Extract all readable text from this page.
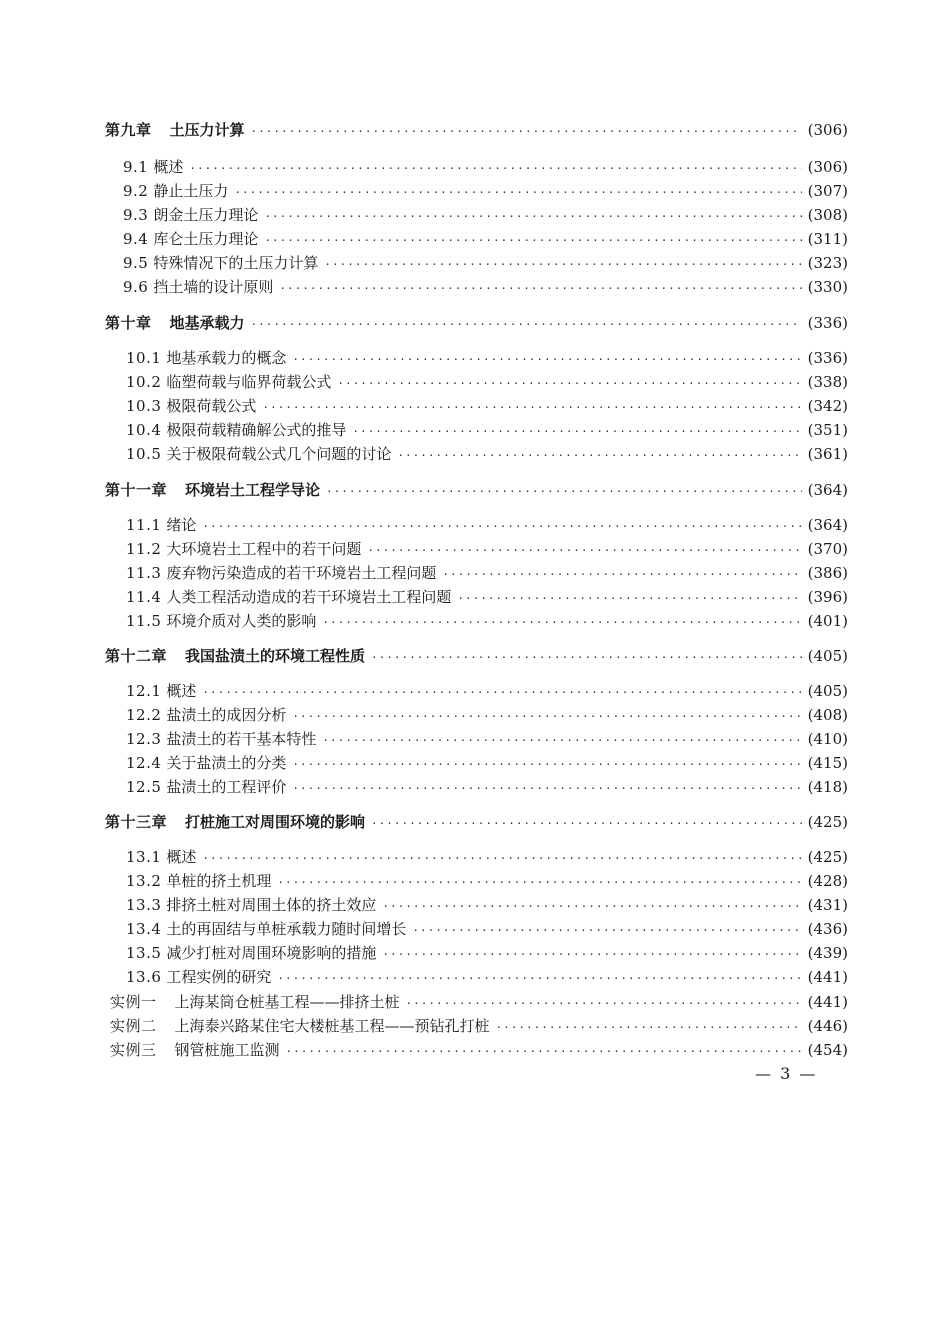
第九章 土压力计算 ·····	(306)
9.1 概述 ·····	(306)
9.2 静止土压力 ·····	(307)
9.3 朗金土压力理论 ·····	(308)
9.4 库仑土压力理论 ·····	(311)
9.5 特殊情况下的土压力计算 ·····	(323)
9.6 挡土墙的设计原则 ·····	(330)
第十章 地基承载力 ·····	(336)
10.1 地基承载力的概念 ·····	(336)
10.2 临塑荷载与临界荷载公式 ·····	(338)
10.3 极限荷载公式 ·····	(342)
10.4 极限荷载精确解公式的推导 ·····	(351)
10.5 关于极限荷载公式几个问题的讨论 ·····	(361)
第十一章 环境岩土工程学导论 ·····	(364)
11.1 绪论 ·····	(364)
11.2 大环境岩土工程中的若干问题 ·····	(370)
11.3 废弃物污染造成的若干环境岩土工程问题 ·····	(386)
11.4 人类工程活动造成的若干环境岩土工程问题 ·····	(396)
11.5 环境介质对人类的影响 ·····	(401)
第十二章 我国盐渍土的环境工程性质 ·····	(405)
12.1 概述 ·····	(405)
12.2 盐渍土的成因分析 ·····	(408)
12.3 盐渍土的若干基本特性 ·····	(410)
12.4 关于盐渍土的分类 ·····	(415)
12.5 盐渍土的工程评价 ·····	(418)
第十三章 打桩施工对周围环境的影响 ·····	(425)
13.1 概述 ·····	(425)
13.2 单桩的挤土机理 ·····	(428)
13.3 排挤土桩对周围土体的挤土效应 ·····	(431)
13.4 土的再固结与单桩承载力随时间增长 ·····	(436)
13.5 减少打桩对周围环境影响的措施 ·····	(439)
13.6 工程实例的研究 ·····	(441)
实例一 上海某筒仓桩基工程——排挤土桩 ·····	(441)
实例二 上海泰兴路某住宅大楼桩基工程——预钻孔打桩 ·····	(446)
实例三 钢管桩施工监测 ·····	(454)
— 3 —
